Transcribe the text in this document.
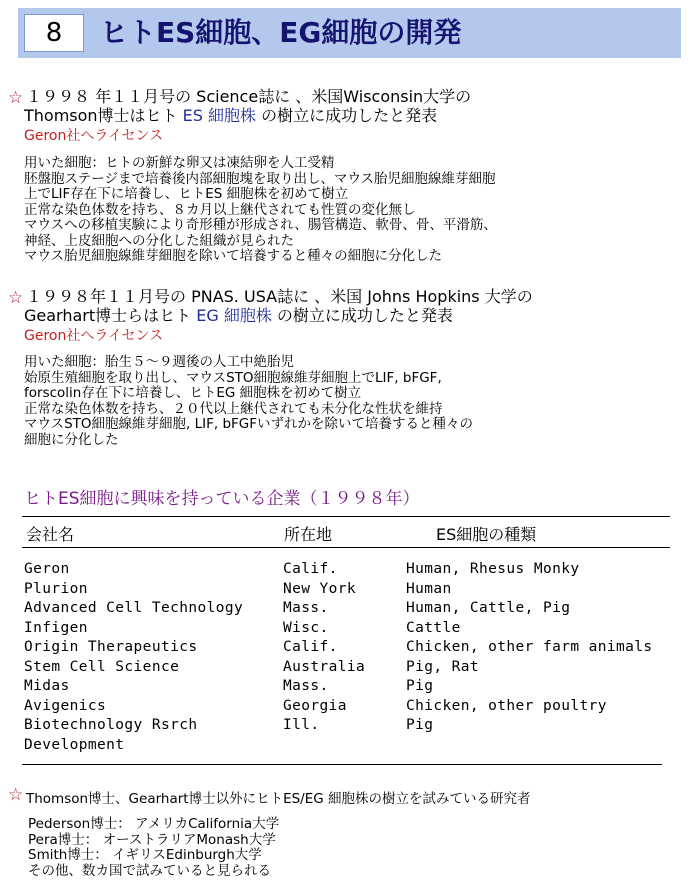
8	ヒトES細胞、EG細胞の開発
☆ １９９８ 年１１月号の Science誌に 、米国Wisconsin大学の
Thomson博士はヒト ES 細胞株 の樹立に成功したと発表
Geron社へライセンス
用いた細胞：ヒトの新鮮な卵又は凍結卵を人工受精
胚盤胞ステージまで培養後内部細胞塊を取り出し、マウス胎児細胞線維芽細胞
上でLIF存在下に培養し、ヒトES 細胞株を初めて樹立
正常な染色体数を持ち、８カ月以上継代されても性質の変化無し
マウスへの移植実験により奇形種が形成され、腸管構造、軟骨、骨、平滑筋、
神経、上皮細胞への分化した組織が見られた
マウス胎児細胞線維芽細胞を除いて培養すると種々の細胞に分化した
☆ １９９８年１１月号の PNAS. USA誌に 、米国 Johns Hopkins 大学の
Gearhart博士らはヒト EG 細胞株 の樹立に成功したと発表
Geron社へライセンス
用いた細胞：胎生５～９週後の人工中絶胎児
始原生殖細胞を取り出し、マウスSTO細胞線維芽細胞上でLIF, bFGF,
forscolin存在下に培養し、ヒトEG 細胞株を初めて樹立
正常な染色体数を持ち、２０代以上継代されても未分化な性状を維持
マウスSTO細胞線維芽細胞, LIF, bFGFいずれかを除いて培養すると種々の
細胞に分化した
ヒトES細胞に興味を持っている企業（１９９８年）
会社名	所在地	ES細胞の種類
Geron	Calif.	Human, Rhesus Monky
Plurion	New York	Human
Advanced Cell Technology	Mass.	Human, Cattle, Pig
Infigen	Wisc.	Cattle
Origin Therapeutics	Calif.	Chicken, other farm animals
Stem Cell Science	Australia	Pig, Rat
Midas	Mass.	Pig
Avigenics	Georgia	Chicken, other poultry
Biotechnology Rsrch	Ill.	Pig
Development
☆ Thomson博士、Gearhart博士以外にヒトES/EG 細胞株の樹立を試みている研究者
Pederson博士： アメリカCalifornia大学
Pera博士： オーストラリアMonash大学
Smith博士： イギリスEdinburgh大学
その他、数カ国で試みていると見られる
